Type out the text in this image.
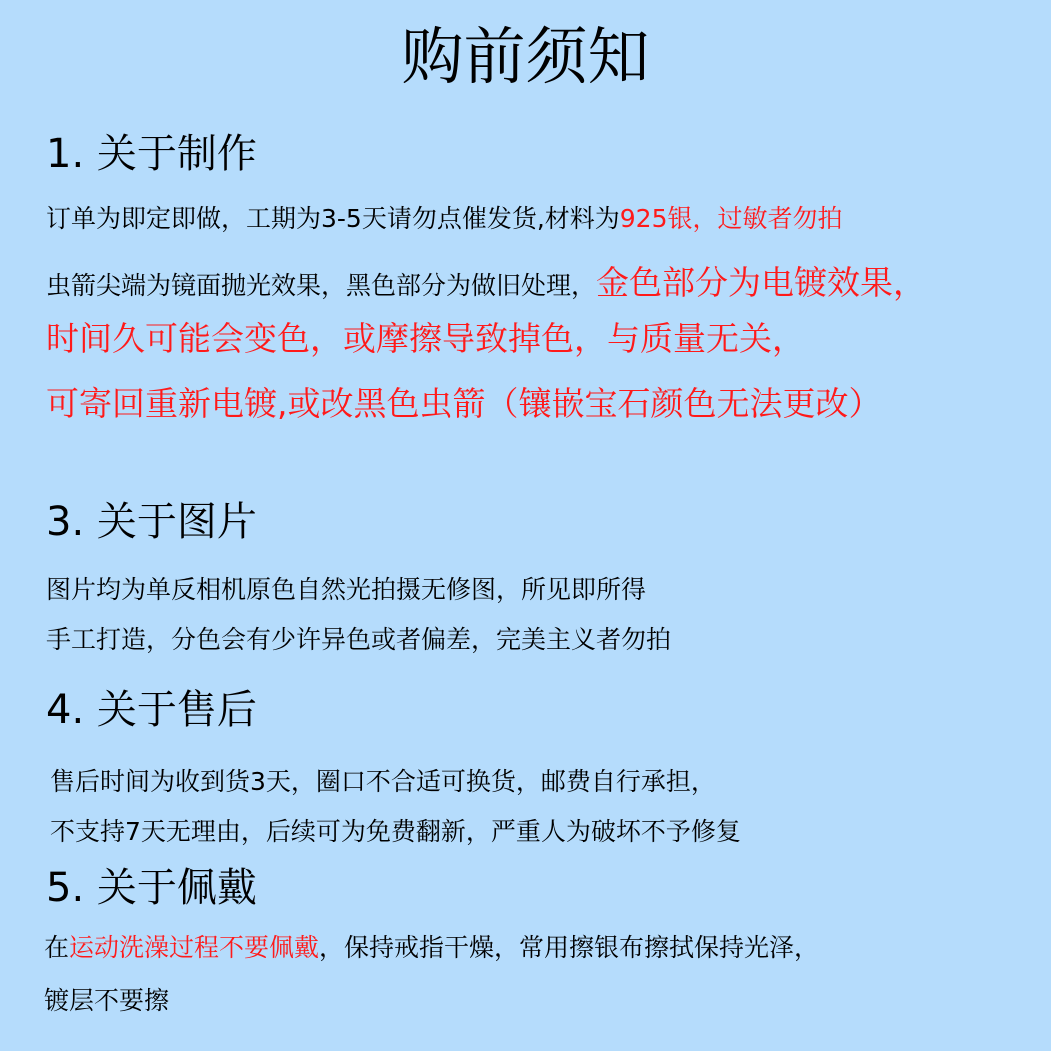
购前须知
1. 关于制作
订单为即定即做，工期为3-5天请勿点催发货,材料为925银，过敏者勿拍
虫箭尖端为镜面抛光效果，黑色部分为做旧处理，金色部分为电镀效果，
时间久可能会变色，或摩擦导致掉色，与质量无关，
可寄回重新电镀,或改黑色虫箭（镶嵌宝石颜色无法更改）
3. 关于图片
图片均为单反相机原色自然光拍摄无修图，所见即所得
手工打造，分色会有少许异色或者偏差，完美主义者勿拍
4. 关于售后
售后时间为收到货3天，圈口不合适可换货，邮费自行承担，
不支持7天无理由，后续可为免费翻新，严重人为破坏不予修复
5. 关于佩戴
在运动洗澡过程不要佩戴，保持戒指干燥，常用擦银布擦拭保持光泽，
镀层不要擦
